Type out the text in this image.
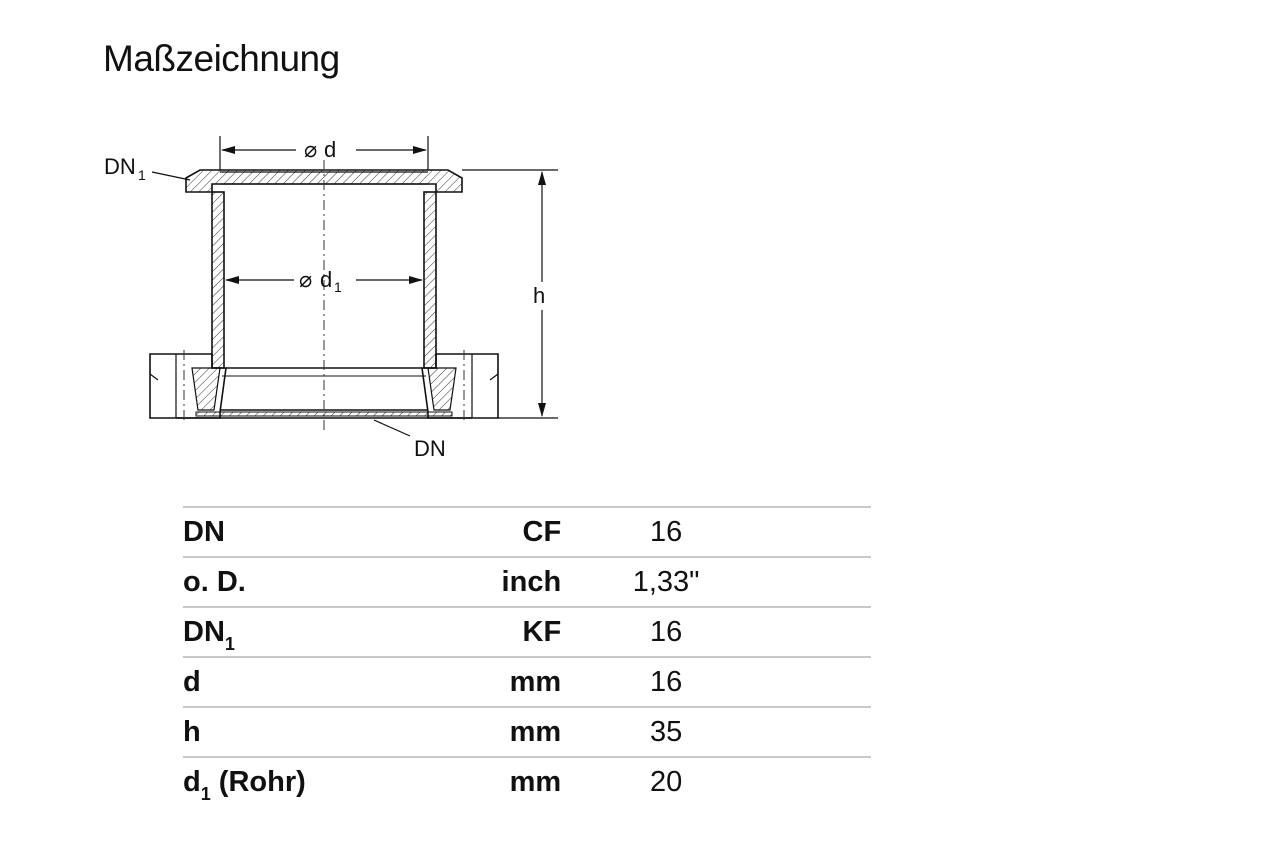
Maßzeichnung
⌀ d
⌀ d 1	h
DN 1
DN
DN	CF	16
o. D.	inch	1,33"
$DN_1$	KF	16
d	mm	16
h	mm	35
$d_1$ (Rohr)	mm	20
